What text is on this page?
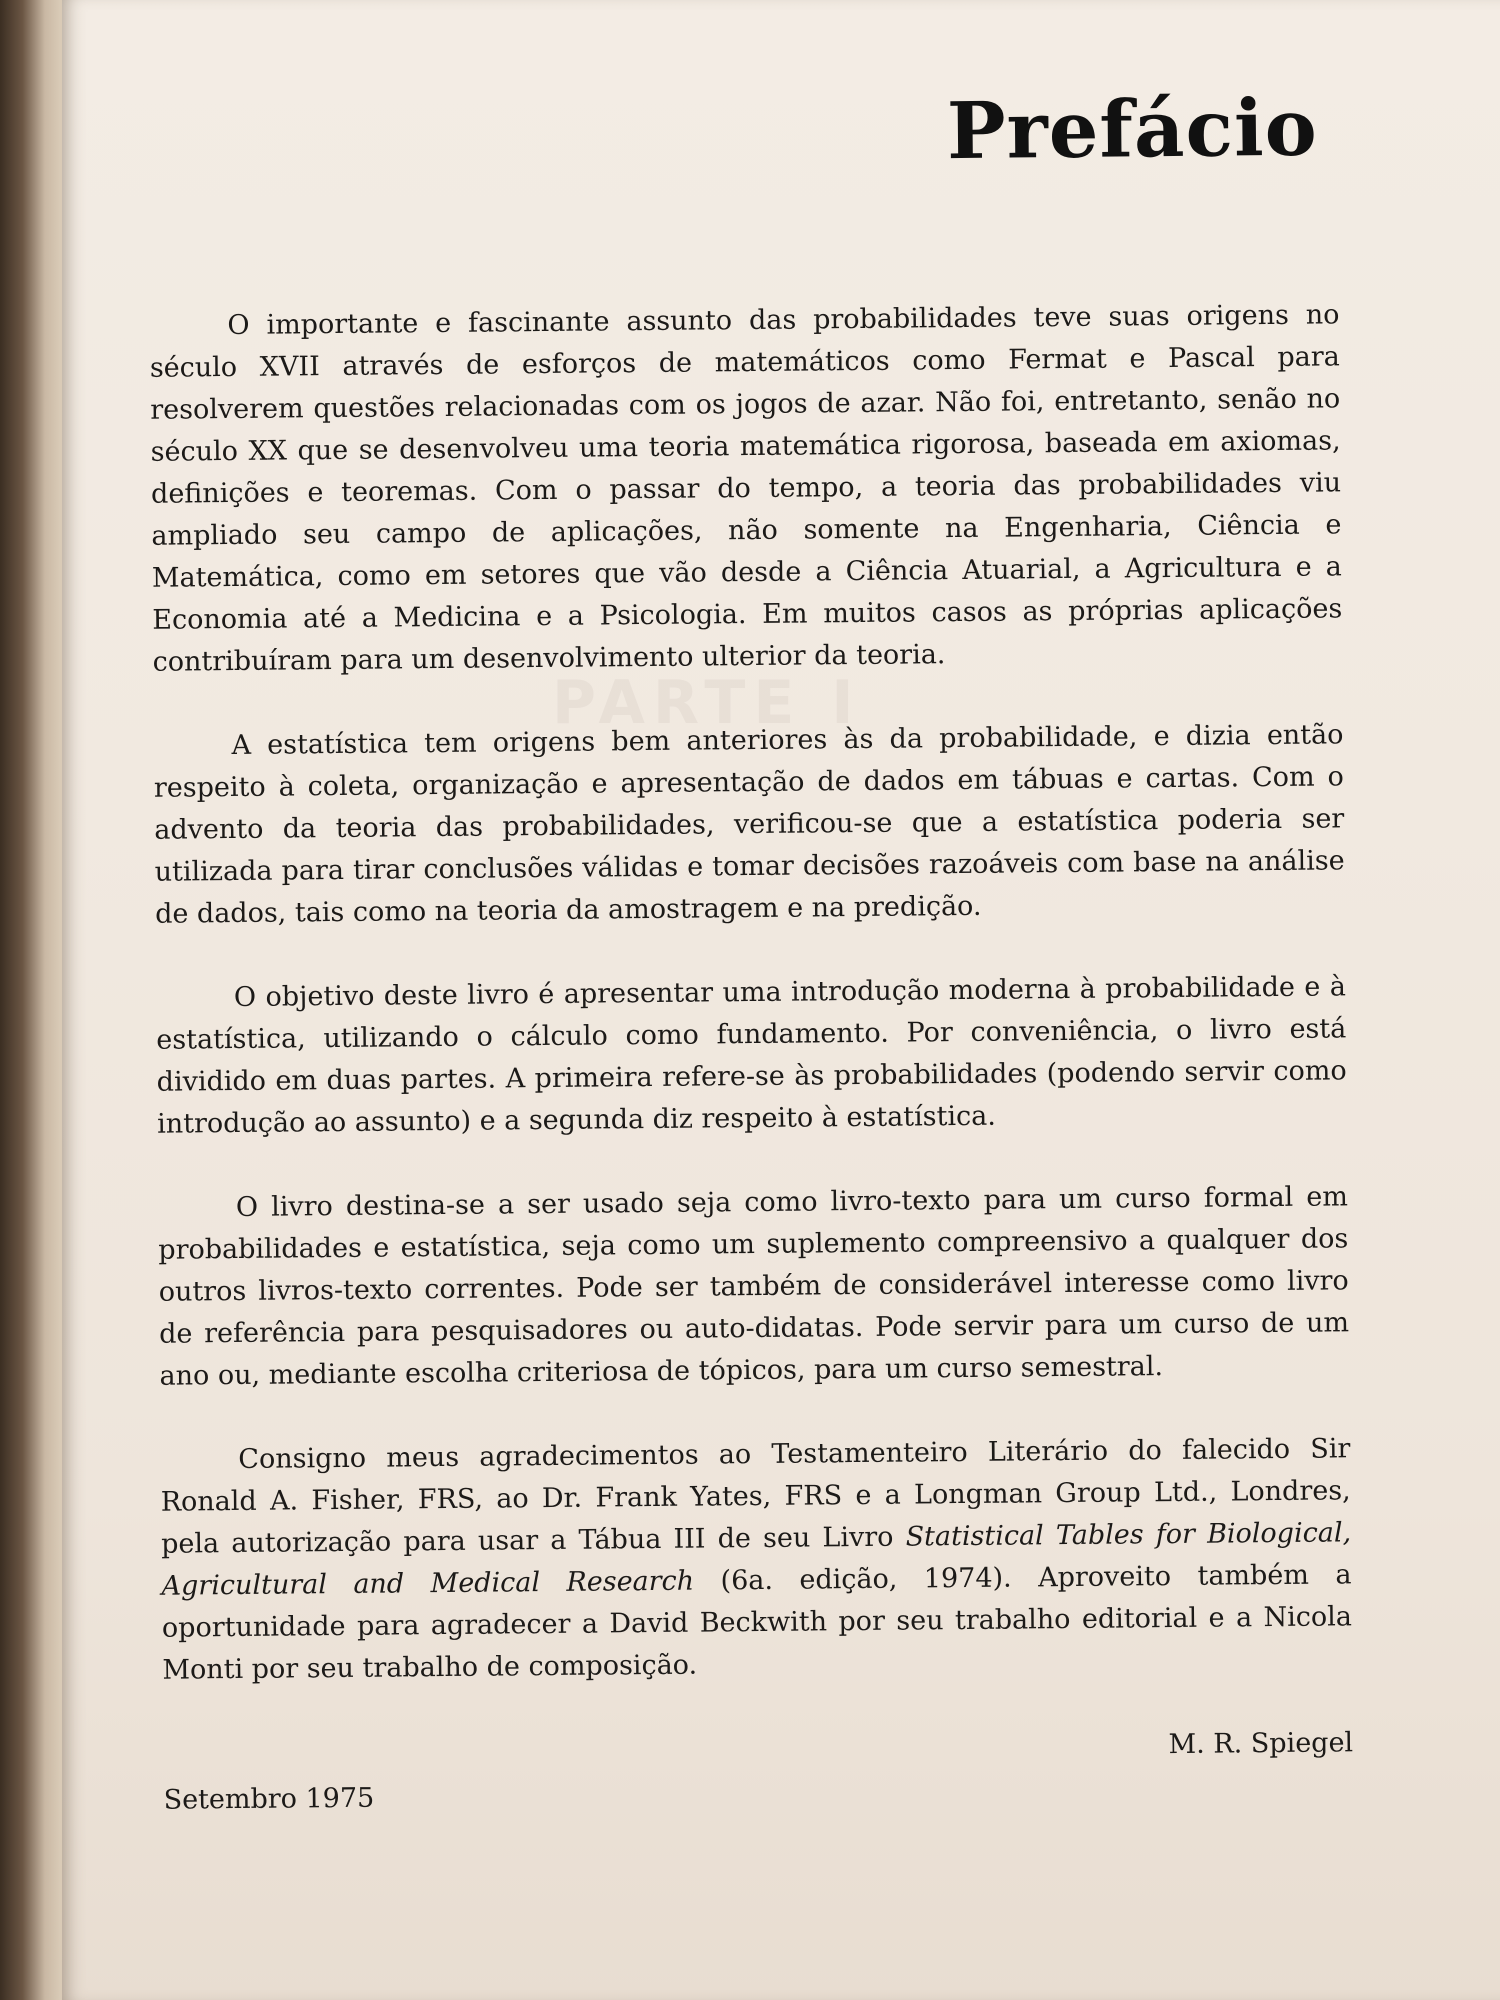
PARTE I
Prefácio

O importante e fascinante assunto das probabilidades teve suas origens no século XVII através de esforços de matemáticos como Fermat e Pascal para resolverem questões relacionadas com os jogos de azar. Não foi, entretanto, senão no século XX que se desenvolveu uma teoria matemática rigorosa, baseada em axiomas, definições e teoremas. Com o passar do tempo, a teoria das probabilidades viu ampliado seu campo de aplicações, não somente na Engenharia, Ciência e Matemática, como em setores que vão desde a Ciência Atuarial, a Agricultura e a Economia até a Medicina e a Psicologia. Em muitos casos as próprias aplicações contribuíram para um desenvolvimento ulterior da teoria.

A estatística tem origens bem anteriores às da probabilidade, e dizia então respeito à coleta, organização e apresentação de dados em tábuas e cartas. Com o advento da teoria das probabilidades, verificou-se que a estatística poderia ser utilizada para tirar conclusões válidas e tomar decisões razoáveis com base na análise de dados, tais como na teoria da amostragem e na predição.

O objetivo deste livro é apresentar uma introdução moderna à probabilidade e à estatística, utilizando o cálculo como fundamento. Por conveniência, o livro está dividido em duas partes. A primeira refere-se às probabilidades (podendo servir como introdução ao assunto) e a segunda diz respeito à estatística.

O livro destina-se a ser usado seja como livro-texto para um curso formal em probabilidades e estatística, seja como um suplemento compreensivo a qualquer dos outros livros-texto correntes. Pode ser também de considerável interesse como livro de referência para pesquisadores ou auto-didatas. Pode servir para um curso de um ano ou, mediante escolha criteriosa de tópicos, para um curso semestral.

Consigno meus agradecimentos ao Testamenteiro Literário do falecido Sir Ronald A. Fisher, FRS, ao Dr. Frank Yates, FRS e a Longman Group Ltd., Londres, pela autorização para usar a Tábua III de seu Livro Statistical Tables for Biological, Agricultural and Medical Research (6a. edição, 1974). Aproveito também a oportunidade para agradecer a David Beckwith por seu trabalho editorial e a Nicola Monti por seu trabalho de composição.

M. R. Spiegel

Setembro 1975
